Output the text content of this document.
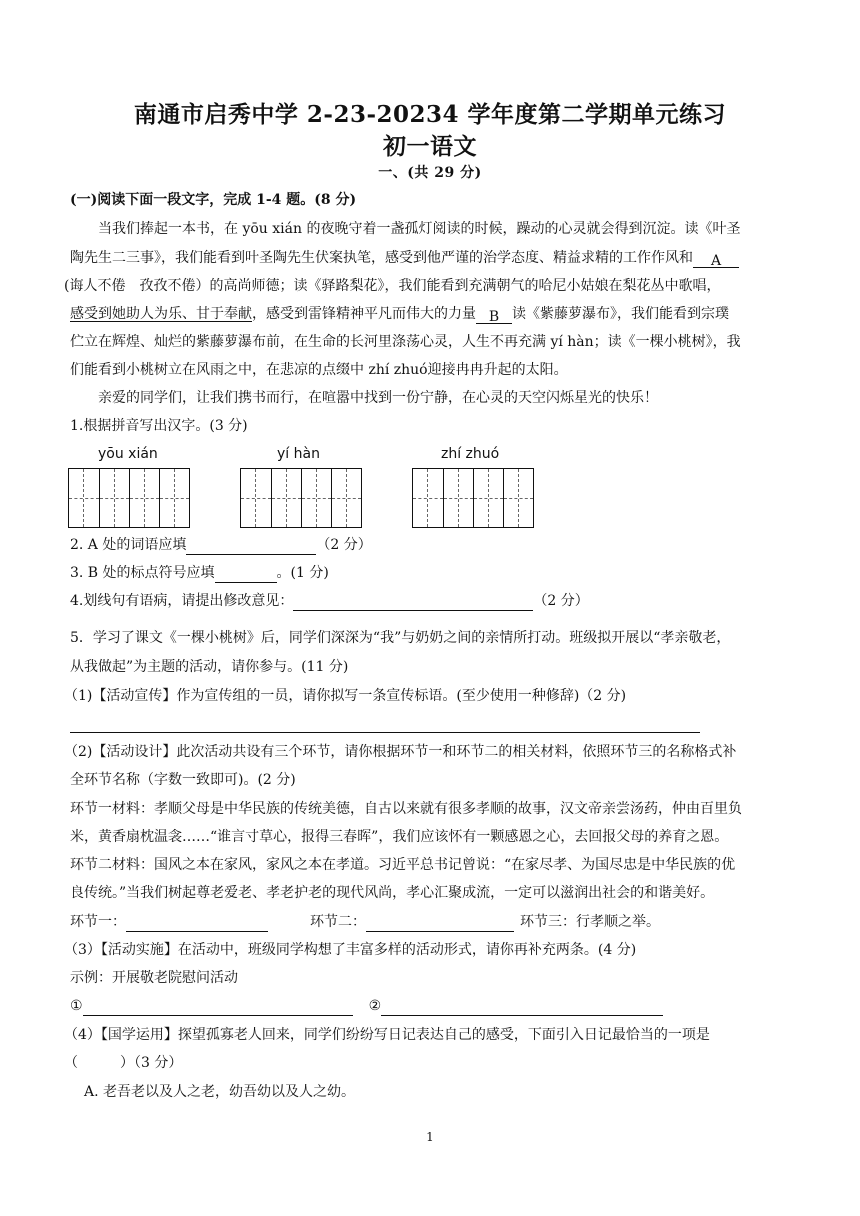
南通市启秀中学 2-23-20234 学年度第二学期单元练习
初一语文
一、(共 29 分)
(一)阅读下面一段文字，完成 1-4 题。(8 分)
当我们捧起一本书，在 yōu xián 的夜晚守着一盏孤灯阅读的时候，躁动的心灵就会得到沉淀。读《叶圣
陶先生二三事》，我们能看到叶圣陶先生伏案执笔，感受到他严谨的治学态度、精益求精的工作作风和 A
(诲人不倦　孜孜不倦）的高尚师德；读《驿路梨花》，我们能看到充满朝气的哈尼小姑娘在梨花丛中歌唱，
感受到她助人为乐、甘于奉献，感受到雷锋精神平凡而伟大的力量 B 读《紫藤萝瀑布》，我们能看到宗璞
伫立在辉煌、灿烂的紫藤萝瀑布前，在生命的长河里涤荡心灵，人生不再充满 yí hàn；读《一棵小桃树》，我
们能看到小桃树立在风雨之中，在悲凉的点缀中 zhí zhuó迎接冉冉升起的太阳。
亲爱的同学们，让我们携书而行，在喧嚣中找到一份宁静，在心灵的天空闪烁星光的快乐！
1.根据拼音写出汉字。(3 分)
yōu xián	yí hàn	zhí zhuó
2. A 处的词语应填	（2 分）
3. B 处的标点符号应填	。(1 分)
4.划线句有语病，请提出修改意见：	（2 分）
5．学习了课文《一棵小桃树》后，同学们深深为“我”与奶奶之间的亲情所打动。班级拟开展以“孝亲敬老，
从我做起”为主题的活动，请你参与。(11 分)
（1)【活动宣传】作为宣传组的一员，请你拟写一条宣传标语。(至少使用一种修辞)（2 分)
（2)【活动设计】此次活动共设有三个环节，请你根据环节一和环节二的相关材料，依照环节三的名称格式补
全环节名称（字数一致即可)。(2 分)
环节一材料：孝顺父母是中华民族的传统美德，自古以来就有很多孝顺的故事，汉文帝亲尝汤药，仲由百里负
米，黄香扇枕温衾……“谁言寸草心，报得三春晖”，我们应该怀有一颗感恩之心，去回报父母的养育之恩。
环节二材料：国风之本在家风，家风之本在孝道。习近平总书记曾说：“在家尽孝、为国尽忠是中华民族的优
良传统。”当我们树起尊老爱老、孝老护老的现代风尚，孝心汇聚成流，一定可以滋润出社会的和谐美好。
环节一：	环节二：	环节三：行孝顺之举。
（3）【活动实施】在活动中，班级同学构想了丰富多样的活动形式，请你再补充两条。(4 分)
示例：开展敬老院慰问活动
①	②
（4）【国学运用】探望孤寡老人回来，同学们纷纷写日记表达自己的感受，下面引入日记最恰当的一项是
（　　　）（3 分）
A. 老吾老以及人之老，幼吾幼以及人之幼。
1
